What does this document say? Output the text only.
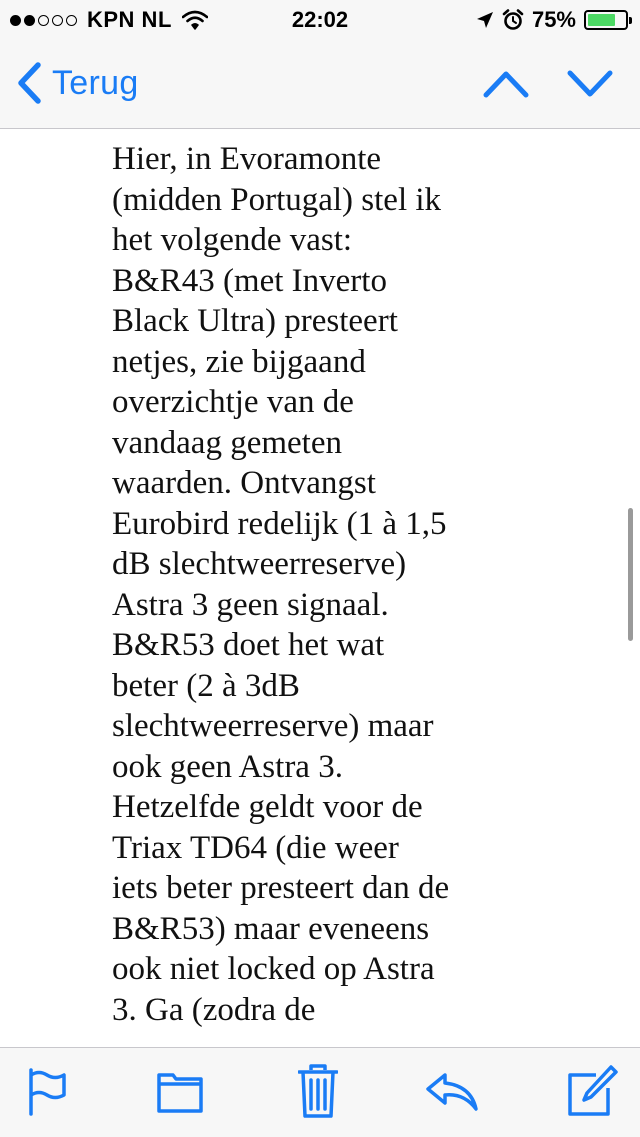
KPN NL	22:02	75%
Terug

Hier, in Evoramonte
(midden Portugal) stel ik
het volgende vast:
B&R43 (met Inverto
Black Ultra) presteert
netjes, zie bijgaand
overzichtje van de
vandaag gemeten
waarden. Ontvangst
Eurobird redelijk (1 à 1,5
dB slechtweerreserve)
Astra 3 geen signaal.
B&R53 doet het wat
beter (2 à 3dB
slechtweerreserve) maar
ook geen Astra 3.
Hetzelfde geldt voor de
Triax TD64 (die weer
iets beter presteert dan de
B&R53) maar eveneens
ook niet locked op Astra
3. Ga (zodra de
